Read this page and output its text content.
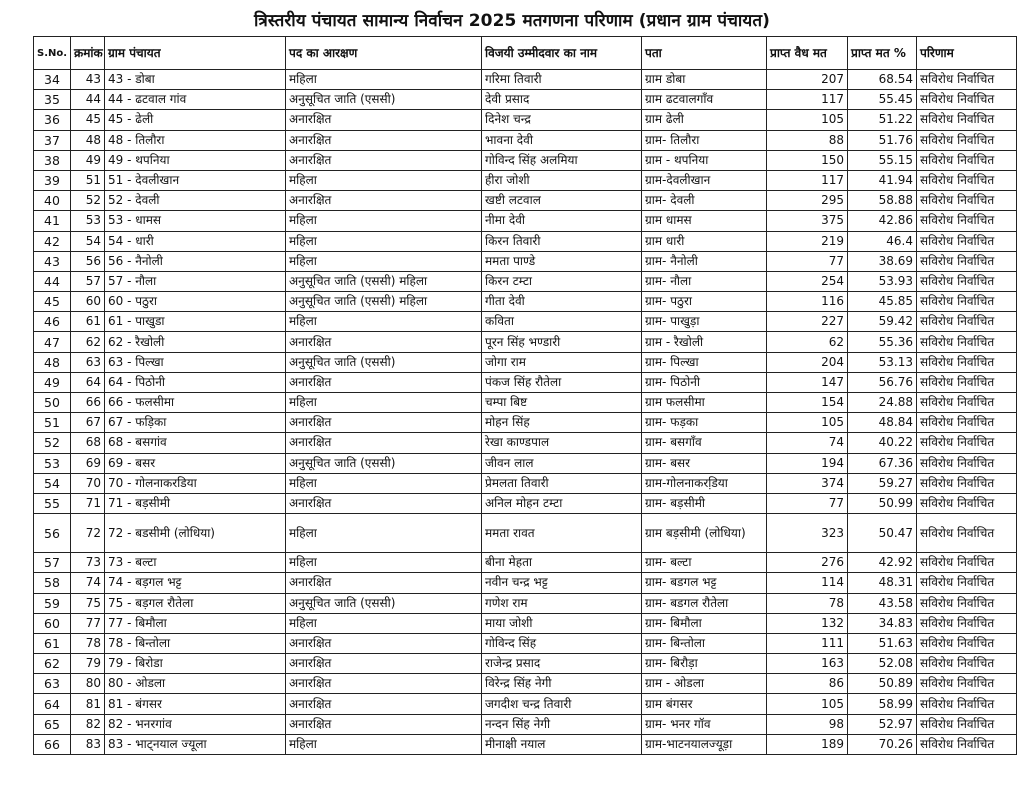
त्रिस्तरीय पंचायत सामान्य निर्वाचन 2025 मतगणना परिणाम (प्रधान ग्राम पंचायत)
S.No.	क्रमांक	ग्राम पंचायत	पद का आरक्षण	विजयी उम्मीदवार का नाम	पता	प्राप्त वैध मत	प्राप्त मत %	परिणाम
34	43	43 - डोबा	महिला	गरिमा तिवारी	ग्राम डोबा	207	68.54	सविरोध निर्वाचित
35	44	44 - ढटवाल गांव	अनुसूचित जाति (एससी)	देवी प्रसाद	ग्राम ढटवालगाँव	117	55.45	सविरोध निर्वाचित
36	45	45 - ढेली	अनारक्षित	दिनेश चन्द्र	ग्राम ढेली	105	51.22	सविरोध निर्वाचित
37	48	48 - तिलौरा	अनारक्षित	भावना देवी	ग्राम- तिलौरा	88	51.76	सविरोध निर्वाचित
38	49	49 - थपनिया	अनारक्षित	गोविन्द सिंह अलमिया	ग्राम - थपनिया	150	55.15	सविरोध निर्वाचित
39	51	51 - देवलीखान	महिला	हीरा जोशी	ग्राम-देवलीखान	117	41.94	सविरोध निर्वाचित
40	52	52 - देवली	अनारक्षित	खष्टी लटवाल	ग्राम- देवली	295	58.88	सविरोध निर्वाचित
41	53	53 - धामस	महिला	नीमा देवी	ग्राम धामस	375	42.86	सविरोध निर्वाचित
42	54	54 - धारी	महिला	किरन तिवारी	ग्राम धारी	219	46.4	सविरोध निर्वाचित
43	56	56 - नैनोली	महिला	ममता पाण्डे	ग्राम- नैनोली	77	38.69	सविरोध निर्वाचित
44	57	57 - नौला	अनुसूचित जाति (एससी) महिला	किरन टम्टा	ग्राम- नौला	254	53.93	सविरोध निर्वाचित
45	60	60 - पठुरा	अनुसूचित जाति (एससी) महिला	गीता देवी	ग्राम- पठुरा	116	45.85	सविरोध निर्वाचित
46	61	61 - पाखुडा	महिला	कविता	ग्राम- पाखुड़ा	227	59.42	सविरोध निर्वाचित
47	62	62 - रैखोली	अनारक्षित	पूरन सिंह भण्डारी	ग्राम - रैखोली	62	55.36	सविरोध निर्वाचित
48	63	63 - पिल्खा	अनुसूचित जाति (एससी)	जोगा राम	ग्राम- पिल्खा	204	53.13	सविरोध निर्वाचित
49	64	64 - पिठोनी	अनारक्षित	पंकज सिंह रौतेला	ग्राम- पिठोनी	147	56.76	सविरोध निर्वाचित
50	66	66 - फलसीमा	महिला	चम्पा बिष्ट	ग्राम फलसीमा	154	24.88	सविरोध निर्वाचित
51	67	67 - फड़िका	अनारक्षित	मोहन सिंह	ग्राम- फड़का	105	48.84	सविरोध निर्वाचित
52	68	68 - बसगांव	अनारक्षित	रेखा काण्डपाल	ग्राम- बसगाँव	74	40.22	सविरोध निर्वाचित
53	69	69 - बसर	अनुसूचित जाति (एससी)	जीवन लाल	ग्राम- बसर	194	67.36	सविरोध निर्वाचित
54	70	70 - गोलनाकरडिया	महिला	प्रेमलता तिवारी	ग्राम-गोलनाकरडि़या	374	59.27	सविरोध निर्वाचित
55	71	71 - बड़सीमी	अनारक्षित	अनिल मोहन टम्टा	ग्राम- बड़सीमी	77	50.99	सविरोध निर्वाचित
56	72	72 - बडसीमी (लोधिया)	महिला	ममता रावत	ग्राम बड़सीमी (लोधिया)	323	50.47	सविरोध निर्वाचित
57	73	73 - बल्टा	महिला	बीना मेहता	ग्राम- बल्टा	276	42.92	सविरोध निर्वाचित
58	74	74 - बड़गल भट्ट	अनारक्षित	नवीन चन्द्र भट्ट	ग्राम- बडगल भट्ट	114	48.31	सविरोध निर्वाचित
59	75	75 - बड़गल रौतेला	अनुसूचित जाति (एससी)	गणेश राम	ग्राम- बडगल रौतेला	78	43.58	सविरोध निर्वाचित
60	77	77 - बिमौला	महिला	माया जोशी	ग्राम- बिमौला	132	34.83	सविरोध निर्वाचित
61	78	78 - बिन्तोला	अनारक्षित	गोविन्द सिंह	ग्राम- बिन्तोला	111	51.63	सविरोध निर्वाचित
62	79	79 - बिरोडा	अनारक्षित	राजेन्द्र प्रसाद	ग्राम- बिरौड़ा	163	52.08	सविरोध निर्वाचित
63	80	80 - ओडला	अनारक्षित	विरेन्द्र सिंह नेगी	ग्राम - ओडला	86	50.89	सविरोध निर्वाचित
64	81	81 - बंगसर	अनारक्षित	जगदीश चन्द्र तिवारी	ग्राम बंगसर	105	58.99	सविरोध निर्वाचित
65	82	82 - भनरगांव	अनारक्षित	नन्दन सिंह नेगी	ग्राम- भनर गॉव	98	52.97	सविरोध निर्वाचित
66	83	83 - भाट्नयाल ज्यूला	महिला	मीनाक्षी नयाल	ग्राम-भाटनयालज्यूड़ा	189	70.26	सविरोध निर्वाचित
